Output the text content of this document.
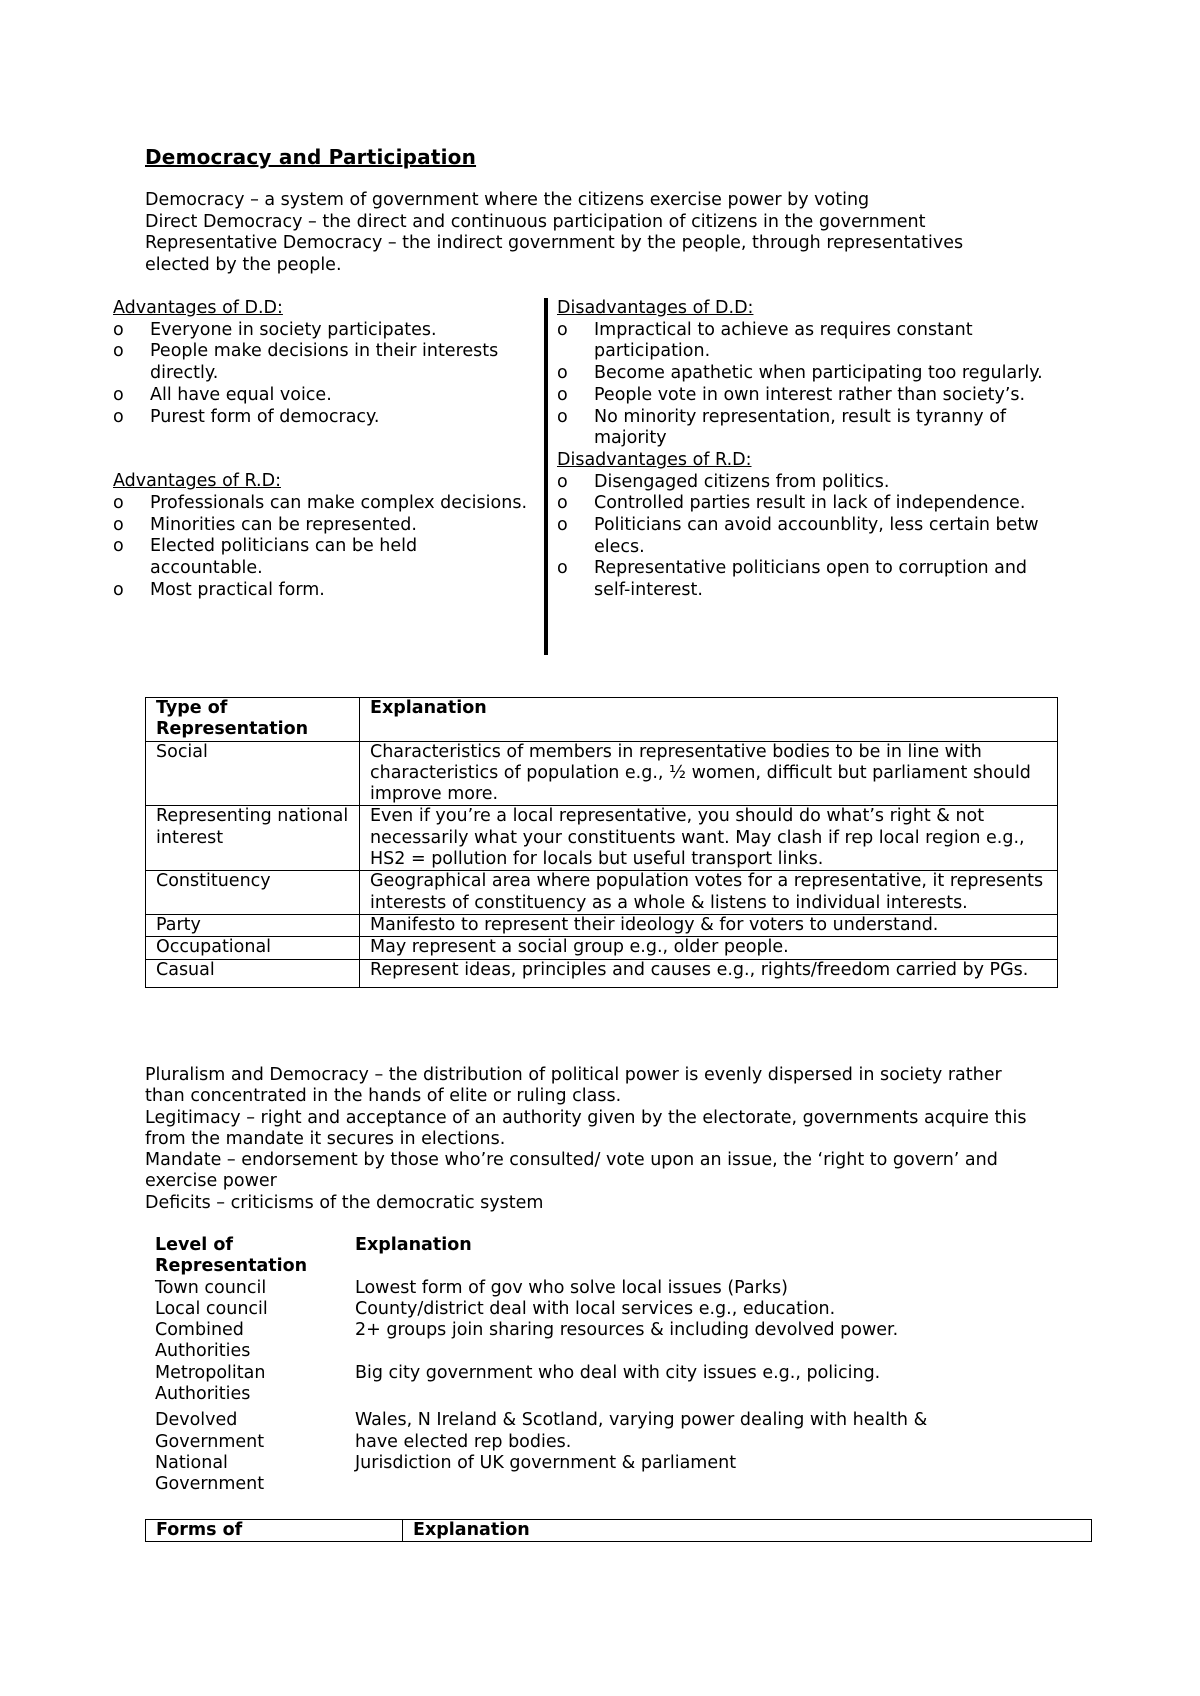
Democracy and Participation
Democracy – a system of government where the citizens exercise power by voting
Direct Democracy – the direct and continuous participation of citizens in the government
Representative Democracy – the indirect government by the people, through representatives
elected by the people.
Advantages of D.D:
o Everyone in society participates.
o People make decisions in their interests directly.
o All have equal voice.
o Purest form of democracy.
Advantages of R.D:
o Professionals can make complex decisions.
o Minorities can be represented.
o Elected politicians can be held accountable.
o Most practical form.
Disadvantages of D.D:
o Impractical to achieve as requires constant participation.
o Become apathetic when participating too regularly.
o People vote in own interest rather than society’s.
o No minority representation, result is tyranny of majority
Disadvantages of R.D:
o Disengaged citizens from politics.
o Controlled parties result in lack of independence.
o Politicians can avoid accounblity, less certain betw elecs.
o Representative politicians open to corruption and self-interest.
Type of Representation	Explanation
Social	Characteristics of members in representative bodies to be in line with characteristics of population e.g., ½ women, difficult but parliament should improve more.
Representing national interest	Even if you’re a local representative, you should do what’s right & not necessarily what your constituents want. May clash if rep local region e.g., HS2 = pollution for locals but useful transport links.
Constituency	Geographical area where population votes for a representative, it represents interests of constituency as a whole & listens to individual interests.
Party	Manifesto to represent their ideology & for voters to understand.
Occupational	May represent a social group e.g., older people.
Casual	Represent ideas, principles and causes e.g., rights/freedom carried by PGs.
Pluralism and Democracy – the distribution of political power is evenly dispersed in society rather than concentrated in the hands of elite or ruling class.
Legitimacy – right and acceptance of an authority given by the electorate, governments acquire this from the mandate it secures in elections.
Mandate – endorsement by those who’re consulted/ vote upon an issue, the ‘right to govern’ and exercise power
Deficits – criticisms of the democratic system
Level of Representation	Explanation
Town council	Lowest form of gov who solve local issues (Parks)
Local council	County/district deal with local services e.g., education.
Combined Authorities	2+ groups join sharing resources & including devolved power.
Metropolitan Authorities	Big city government who deal with city issues e.g., policing.
Devolved Government	Wales, N Ireland & Scotland, varying power dealing with health & have elected rep bodies.
National Government	Jurisdiction of UK government & parliament
Forms of	Explanation
